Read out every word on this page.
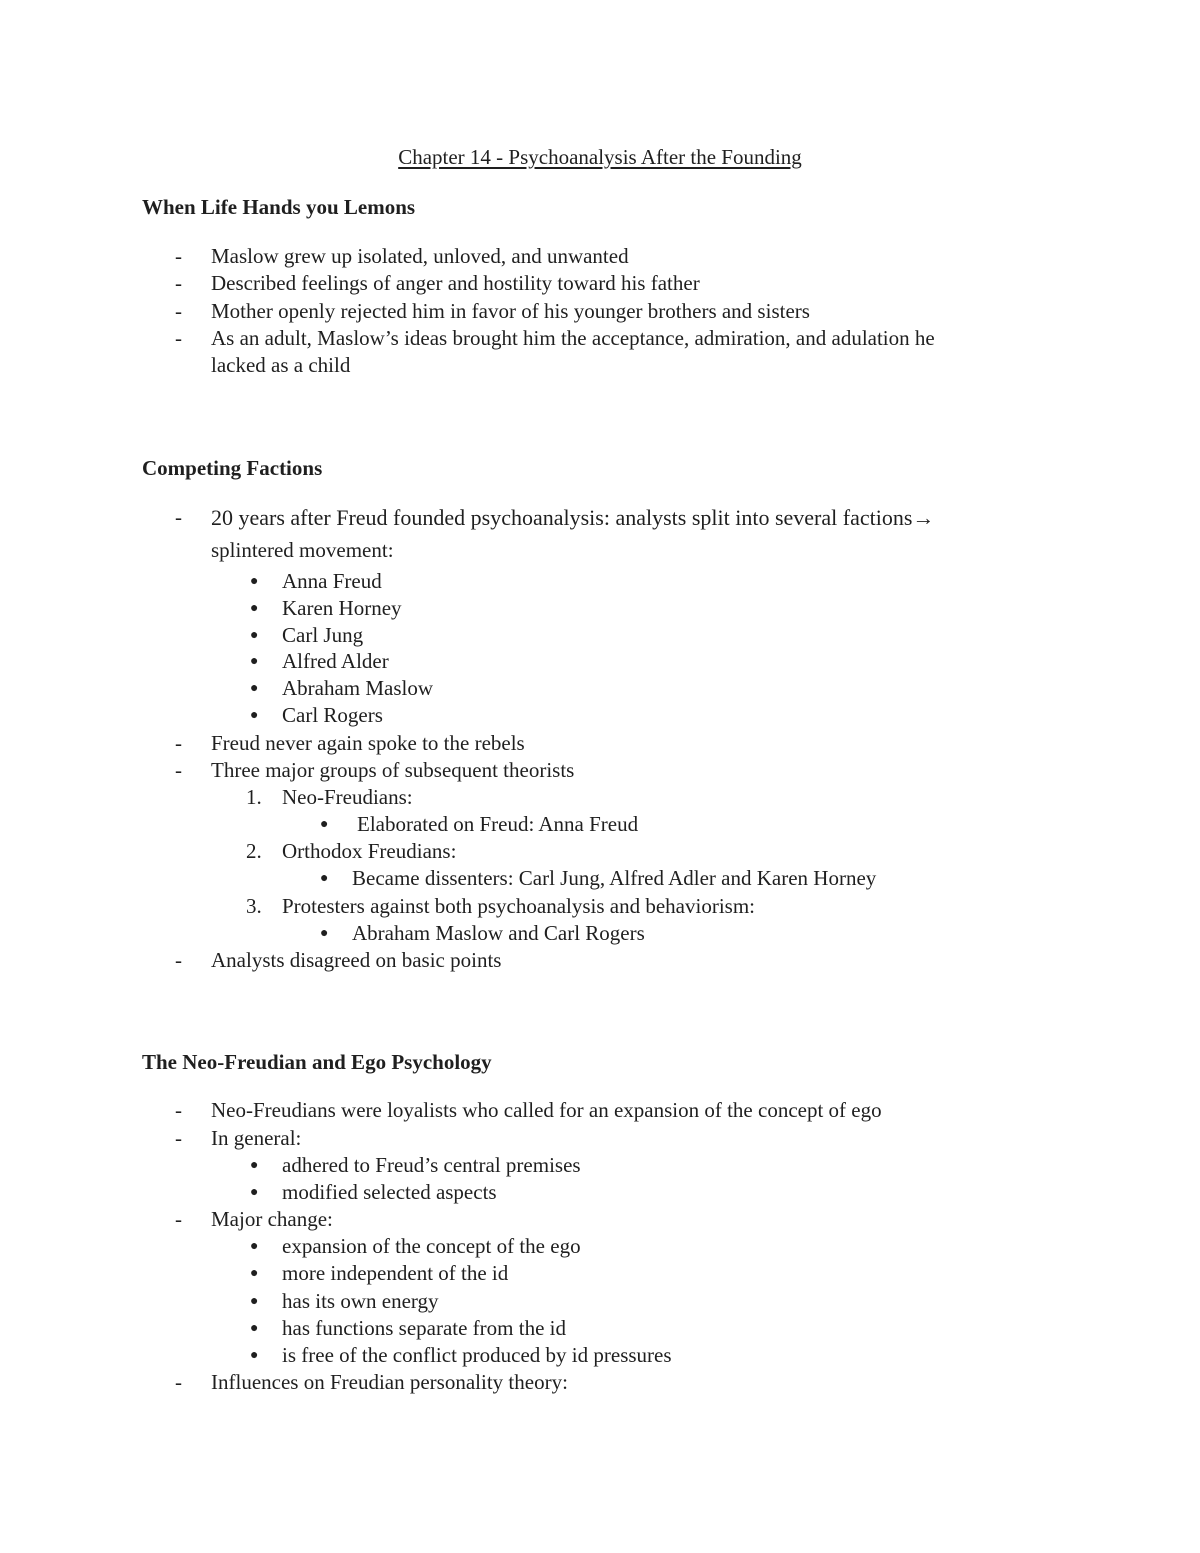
Chapter 14 - Psychoanalysis After the Founding
When Life Hands you Lemons
- Maslow grew up isolated, unloved, and unwanted
- Described feelings of anger and hostility toward his father
- Mother openly rejected him in favor of his younger brothers and sisters
- As an adult, Maslow’s ideas brought him the acceptance, admiration, and adulation he
lacked as a child
Competing Factions
- 20 years after Freud founded psychoanalysis: analysts split into several factions→
splintered movement:
● Anna Freud
● Karen Horney
● Carl Jung
● Alfred Alder
● Abraham Maslow
● Carl Rogers
- Freud never again spoke to the rebels
- Three major groups of subsequent theorists
1. Neo-Freudians:
● Elaborated on Freud: Anna Freud
2. Orthodox Freudians:
● Became dissenters: Carl Jung, Alfred Adler and Karen Horney
3. Protesters against both psychoanalysis and behaviorism:
● Abraham Maslow and Carl Rogers
- Analysts disagreed on basic points
The Neo-Freudian and Ego Psychology
- Neo-Freudians were loyalists who called for an expansion of the concept of ego
- In general:
● adhered to Freud’s central premises
● modified selected aspects
- Major change:
● expansion of the concept of the ego
● more independent of the id
● has its own energy
● has functions separate from the id
● is free of the conflict produced by id pressures
- Influences on Freudian personality theory:
